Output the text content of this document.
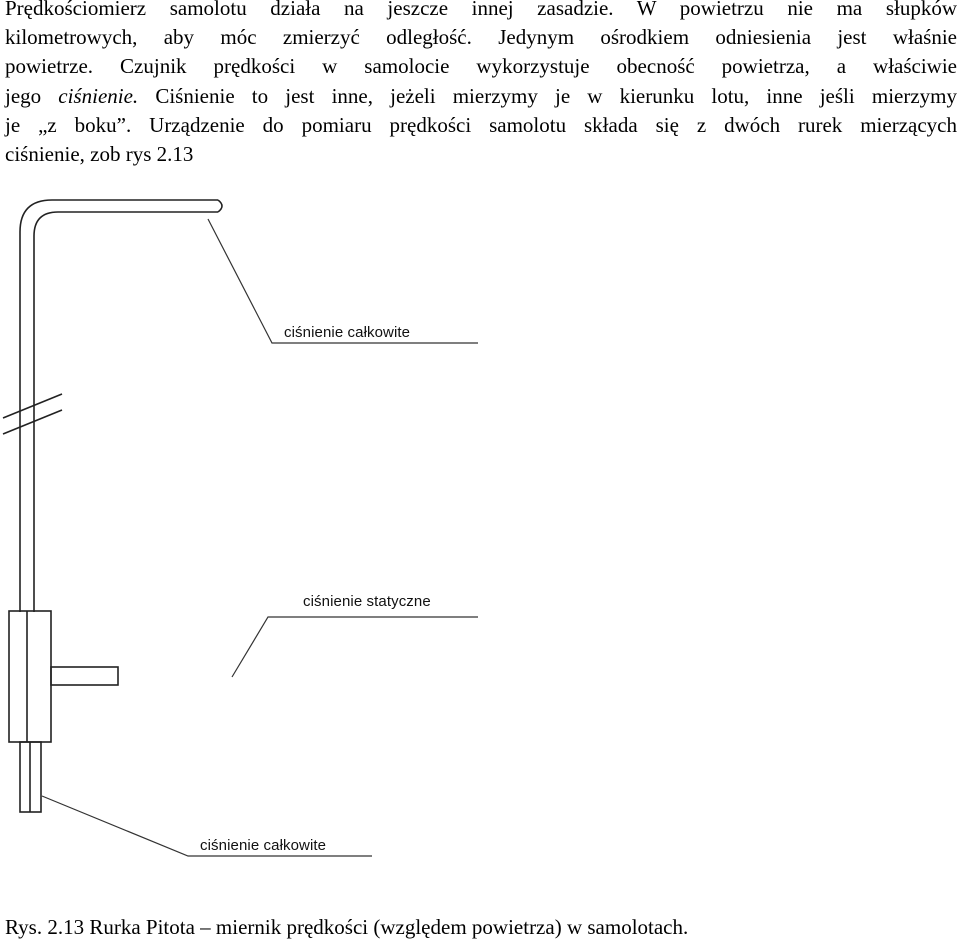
Prędkościomierz samolotu działa na jeszcze innej zasadzie. W powietrzu nie ma słupków
kilometrowych, aby móc zmierzyć odległość. Jedynym ośrodkiem odniesienia jest właśnie
powietrze. Czujnik prędkości w samolocie wykorzystuje obecność powietrza, a właściwie
jego ciśnienie. Ciśnienie to jest inne, jeżeli mierzymy je w kierunku lotu, inne jeśli mierzymy
je „z boku”. Urządzenie do pomiaru prędkości samolotu składa się z dwóch rurek mierzących
ciśnienie, zob rys 2.13
ciśnienie całkowite
ciśnienie statyczne
ciśnienie całkowite
Rys. 2.13 Rurka Pitota – miernik prędkości (względem powietrza) w samolotach.
